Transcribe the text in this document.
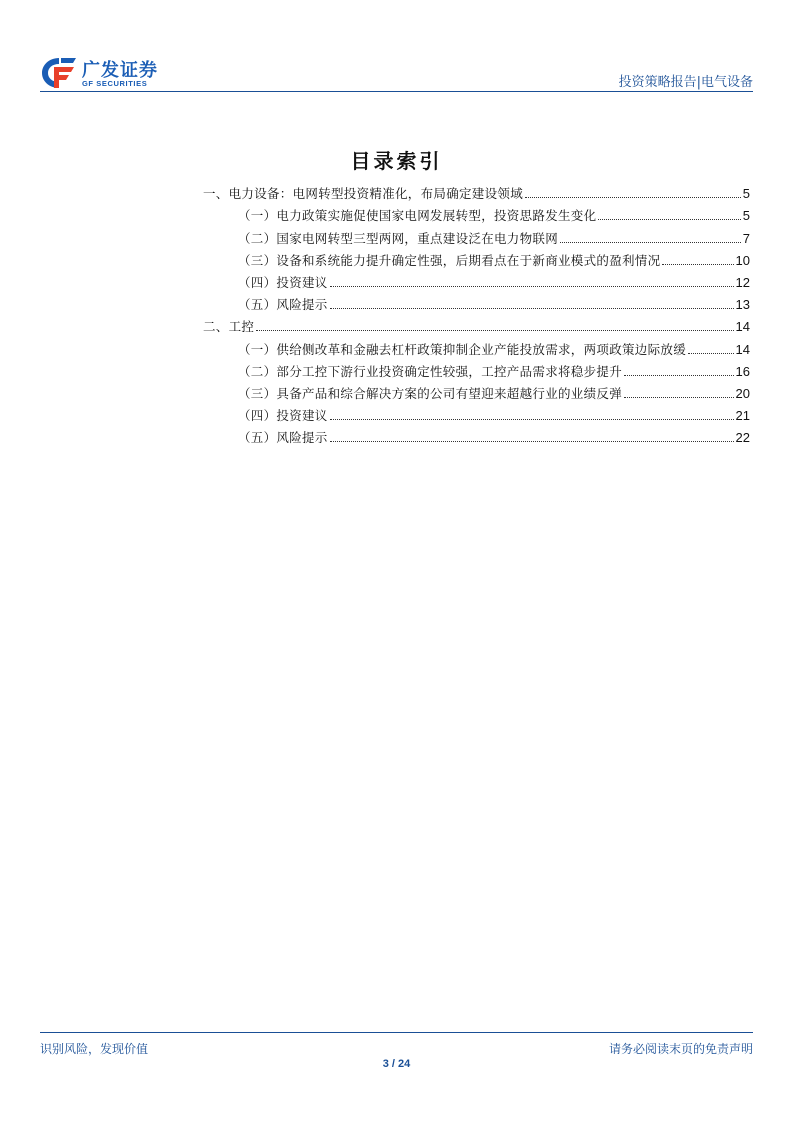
广发证券
GF SECURITIES	投资策略报告|电气设备
目录索引
一、电力设备：电网转型投资精准化，布局确定建设领域	5
（一）电力政策实施促使国家电网发展转型，投资思路发生变化	5
（二）国家电网转型三型两网，重点建设泛在电力物联网	7
（三）设备和系统能力提升确定性强，后期看点在于新商业模式的盈利情况	10
（四）投资建议	12
（五）风险提示	13
二、工控	14
（一）供给侧改革和金融去杠杆政策抑制企业产能投放需求，两项政策边际放缓	14
（二）部分工控下游行业投资确定性较强，工控产品需求将稳步提升	16
（三）具备产品和综合解决方案的公司有望迎来超越行业的业绩反弹	20
（四）投资建议	21
（五）风险提示	22
识别风险，发现价值	请务必阅读末页的免责声明
3 / 24
